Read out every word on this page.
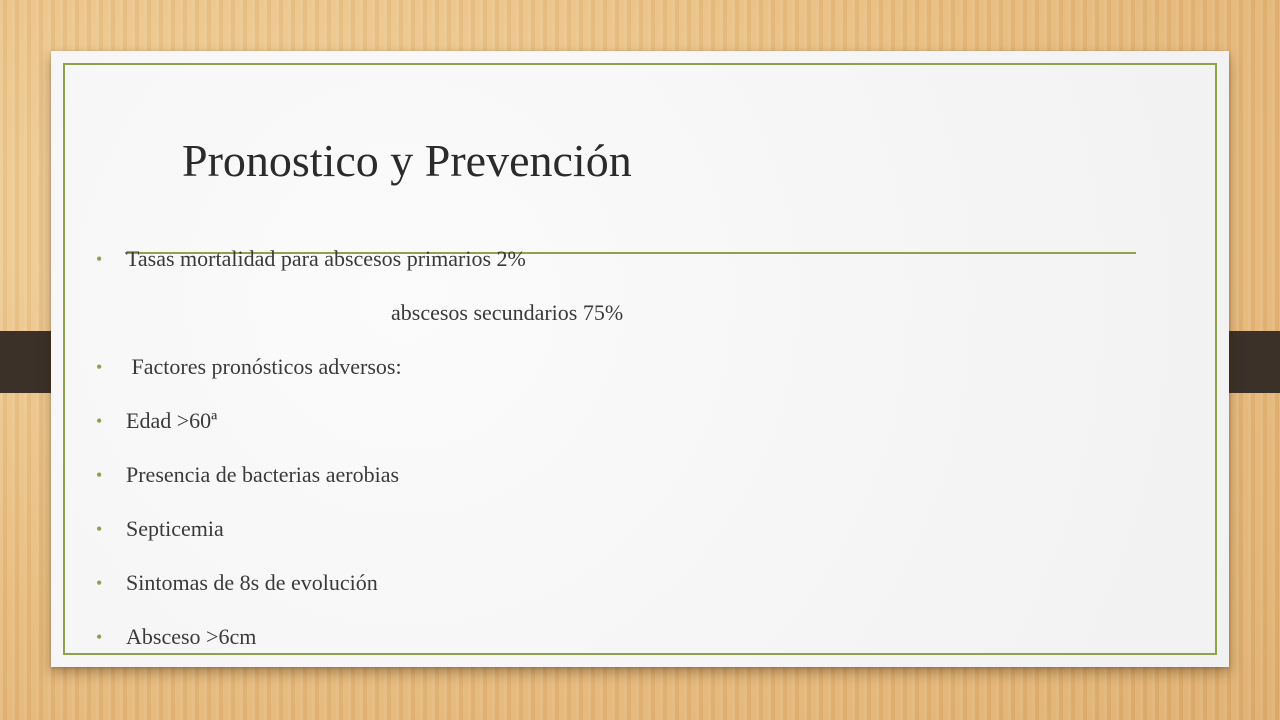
Pronostico y Prevención
• Tasas mortalidad para abscesos primarios 2%
abscesos secundarios 75%
• Factores pronósticos adversos:
• Edad >60ª
• Presencia de bacterias aerobias
• Septicemia
• Sintomas de 8s de evolución
• Absceso >6cm
